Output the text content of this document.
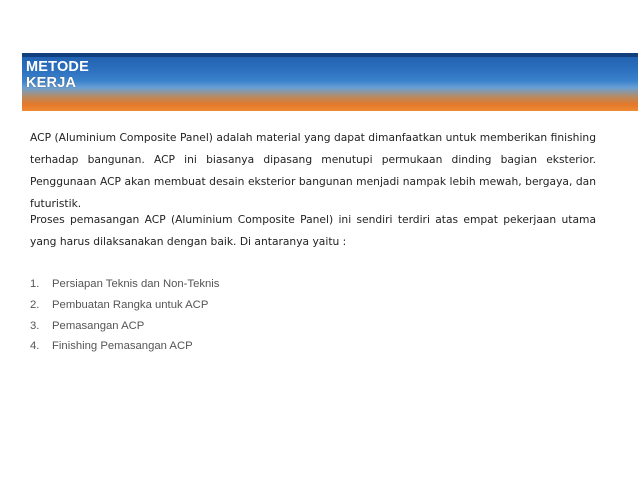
METODE
KERJA

ACP (Aluminium Composite Panel) adalah material yang dapat dimanfaatkan untuk memberikan finishing terhadap bangunan. ACP ini biasanya dipasang menutupi permukaan dinding bagian eksterior. Penggunaan ACP akan membuat desain eksterior bangunan menjadi nampak lebih mewah, bergaya, dan futuristik.

Proses pemasangan ACP (Aluminium Composite Panel) ini sendiri terdiri atas empat pekerjaan utama yang harus dilaksanakan dengan baik. Di antaranya yaitu :

1.	Persiapan Teknis dan Non-Teknis
2.	Pembuatan Rangka untuk ACP
3.	Pemasangan ACP
4.	Finishing Pemasangan ACP
